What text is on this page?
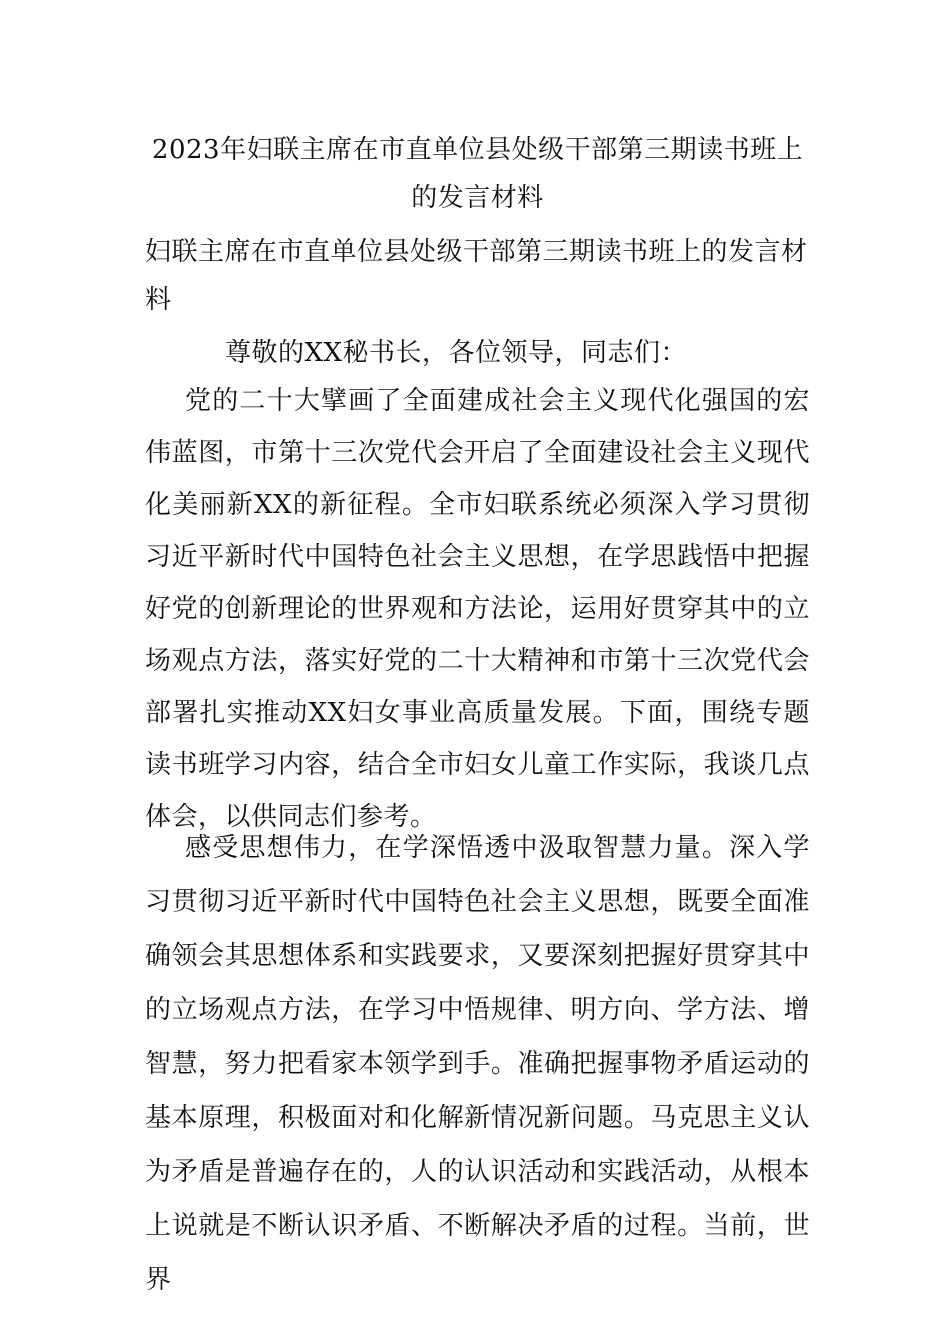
2023年妇联主席在市直单位县处级干部第三期读书班上的发言材料
妇联主席在市直单位县处级干部第三期读书班上的发言材料
尊敬的XX秘书长，各位领导，同志们：
党的二十大擘画了全面建成社会主义现代化强国的宏伟蓝图，市第十三次党代会开启了全面建设社会主义现代化美丽新XX的新征程。全市妇联系统必须深入学习贯彻习近平新时代中国特色社会主义思想，在学思践悟中把握好党的创新理论的世界观和方法论，运用好贯穿其中的立场观点方法，落实好党的二十大精神和市第十三次党代会部署扎实推动XX妇女事业高质量发展。下面，围绕专题读书班学习内容，结合全市妇女儿童工作实际，我谈几点体会，以供同志们参考。
感受思想伟力，在学深悟透中汲取智慧力量。深入学习贯彻习近平新时代中国特色社会主义思想，既要全面准确领会其思想体系和实践要求，又要深刻把握好贯穿其中的立场观点方法，在学习中悟规律、明方向、学方法、增智慧，努力把看家本领学到手。准确把握事物矛盾运动的基本原理，积极面对和化解新情况新问题。马克思主义认为矛盾是普遍存在的，人的认识活动和实践活动，从根本上说就是不断认识矛盾、不断解决矛盾的过程。当前，世界
